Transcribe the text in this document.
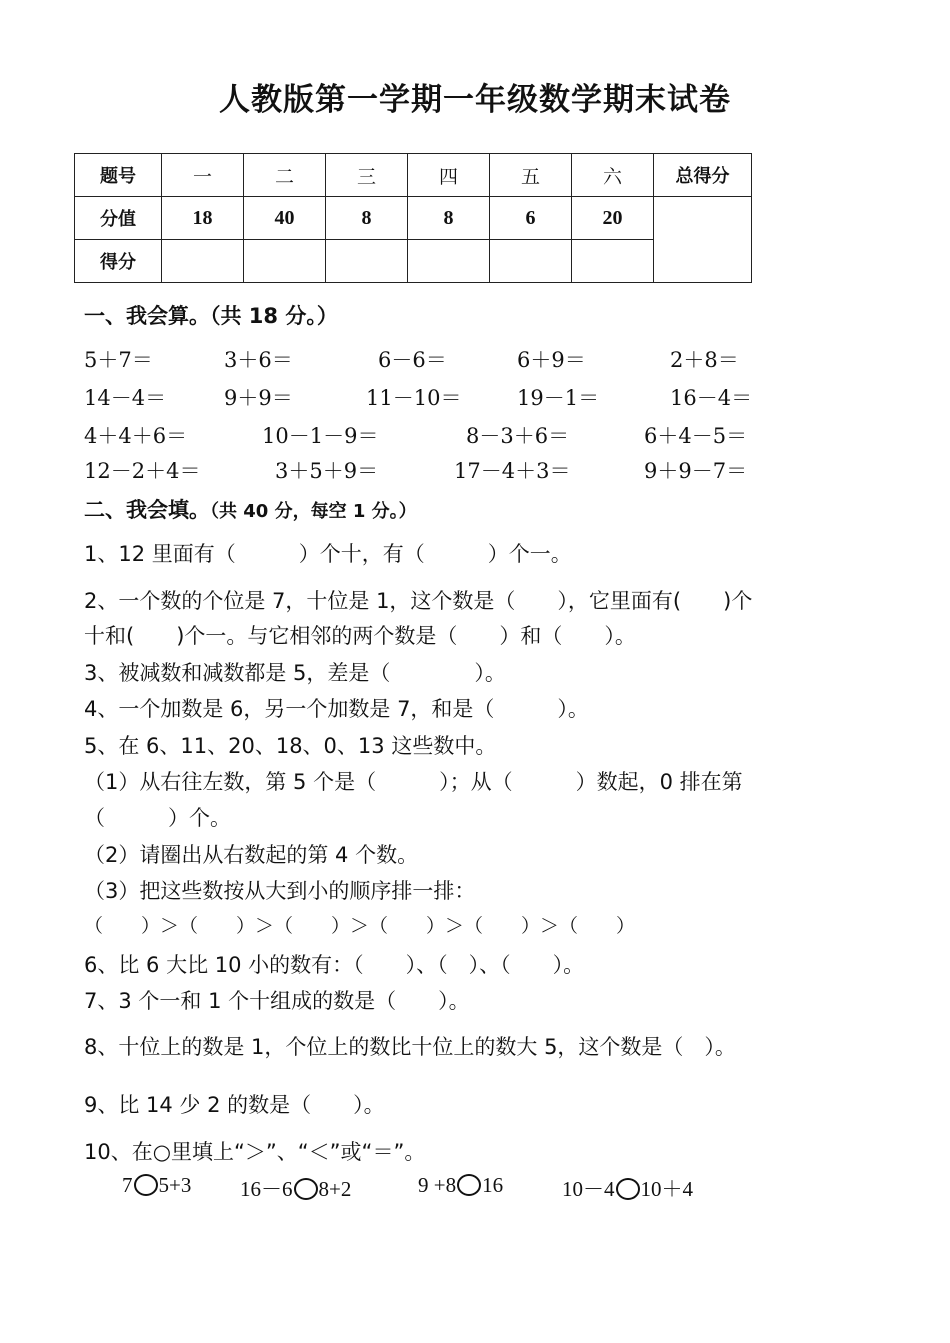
人教版第一学期一年级数学期末试卷
题号	一	二	三	四	五	六	总得分
分值	18	40	8	8	6	20	
得分							
一、我会算。（共 18 分。）
5＋7＝	3＋6＝	6－6＝	6＋9＝	2＋8＝
14－4＝	9＋9＝	11－10＝	19－1＝	16－4＝
4＋4＋6＝	10－1－9＝	8－3＋6＝	6＋4－5＝
12－2＋4＝	3＋5＋9＝	17－4＋3＝	9＋9－7＝
二、我会填。（共 40 分，每空 1 分。）
1、12 里面有（　　　）个十，有（　　　）个一。
2、一个数的个位是 7，十位是 1，这个数是（　　），它里面有(　　)个
十和(　　)个一。与它相邻的两个数是（　　）和（　　）。
3、被减数和减数都是 5，差是（　　　　）。
4、一个加数是 6，另一个加数是 7，和是（　　　）。
5、在 6、11、20、18、0、13 这些数中。
（1）从右往左数，第 5 个是（　　　）；从（　　　）数起，0 排在第
（　　　）个。
（2）请圈出从右数起的第 4 个数。
（3）把这些数按从大到小的顺序排一排：
（　　）＞（　　）＞（　　）＞（　　）＞（　　）＞（　　）
6、比 6 大比 10 小的数有：（　　）、（　）、（　　）。
7、3 个一和 1 个十组成的数是（　　）。
8、十位上的数是 1，个位上的数比十位上的数大 5，这个数是（　）。
9、比 14 少 2 的数是（　　）。
10、在○里填上“＞”、“＜”或“＝”。
7 5+3 16－6 8+2	9 +8 16	10－4 10＋4
